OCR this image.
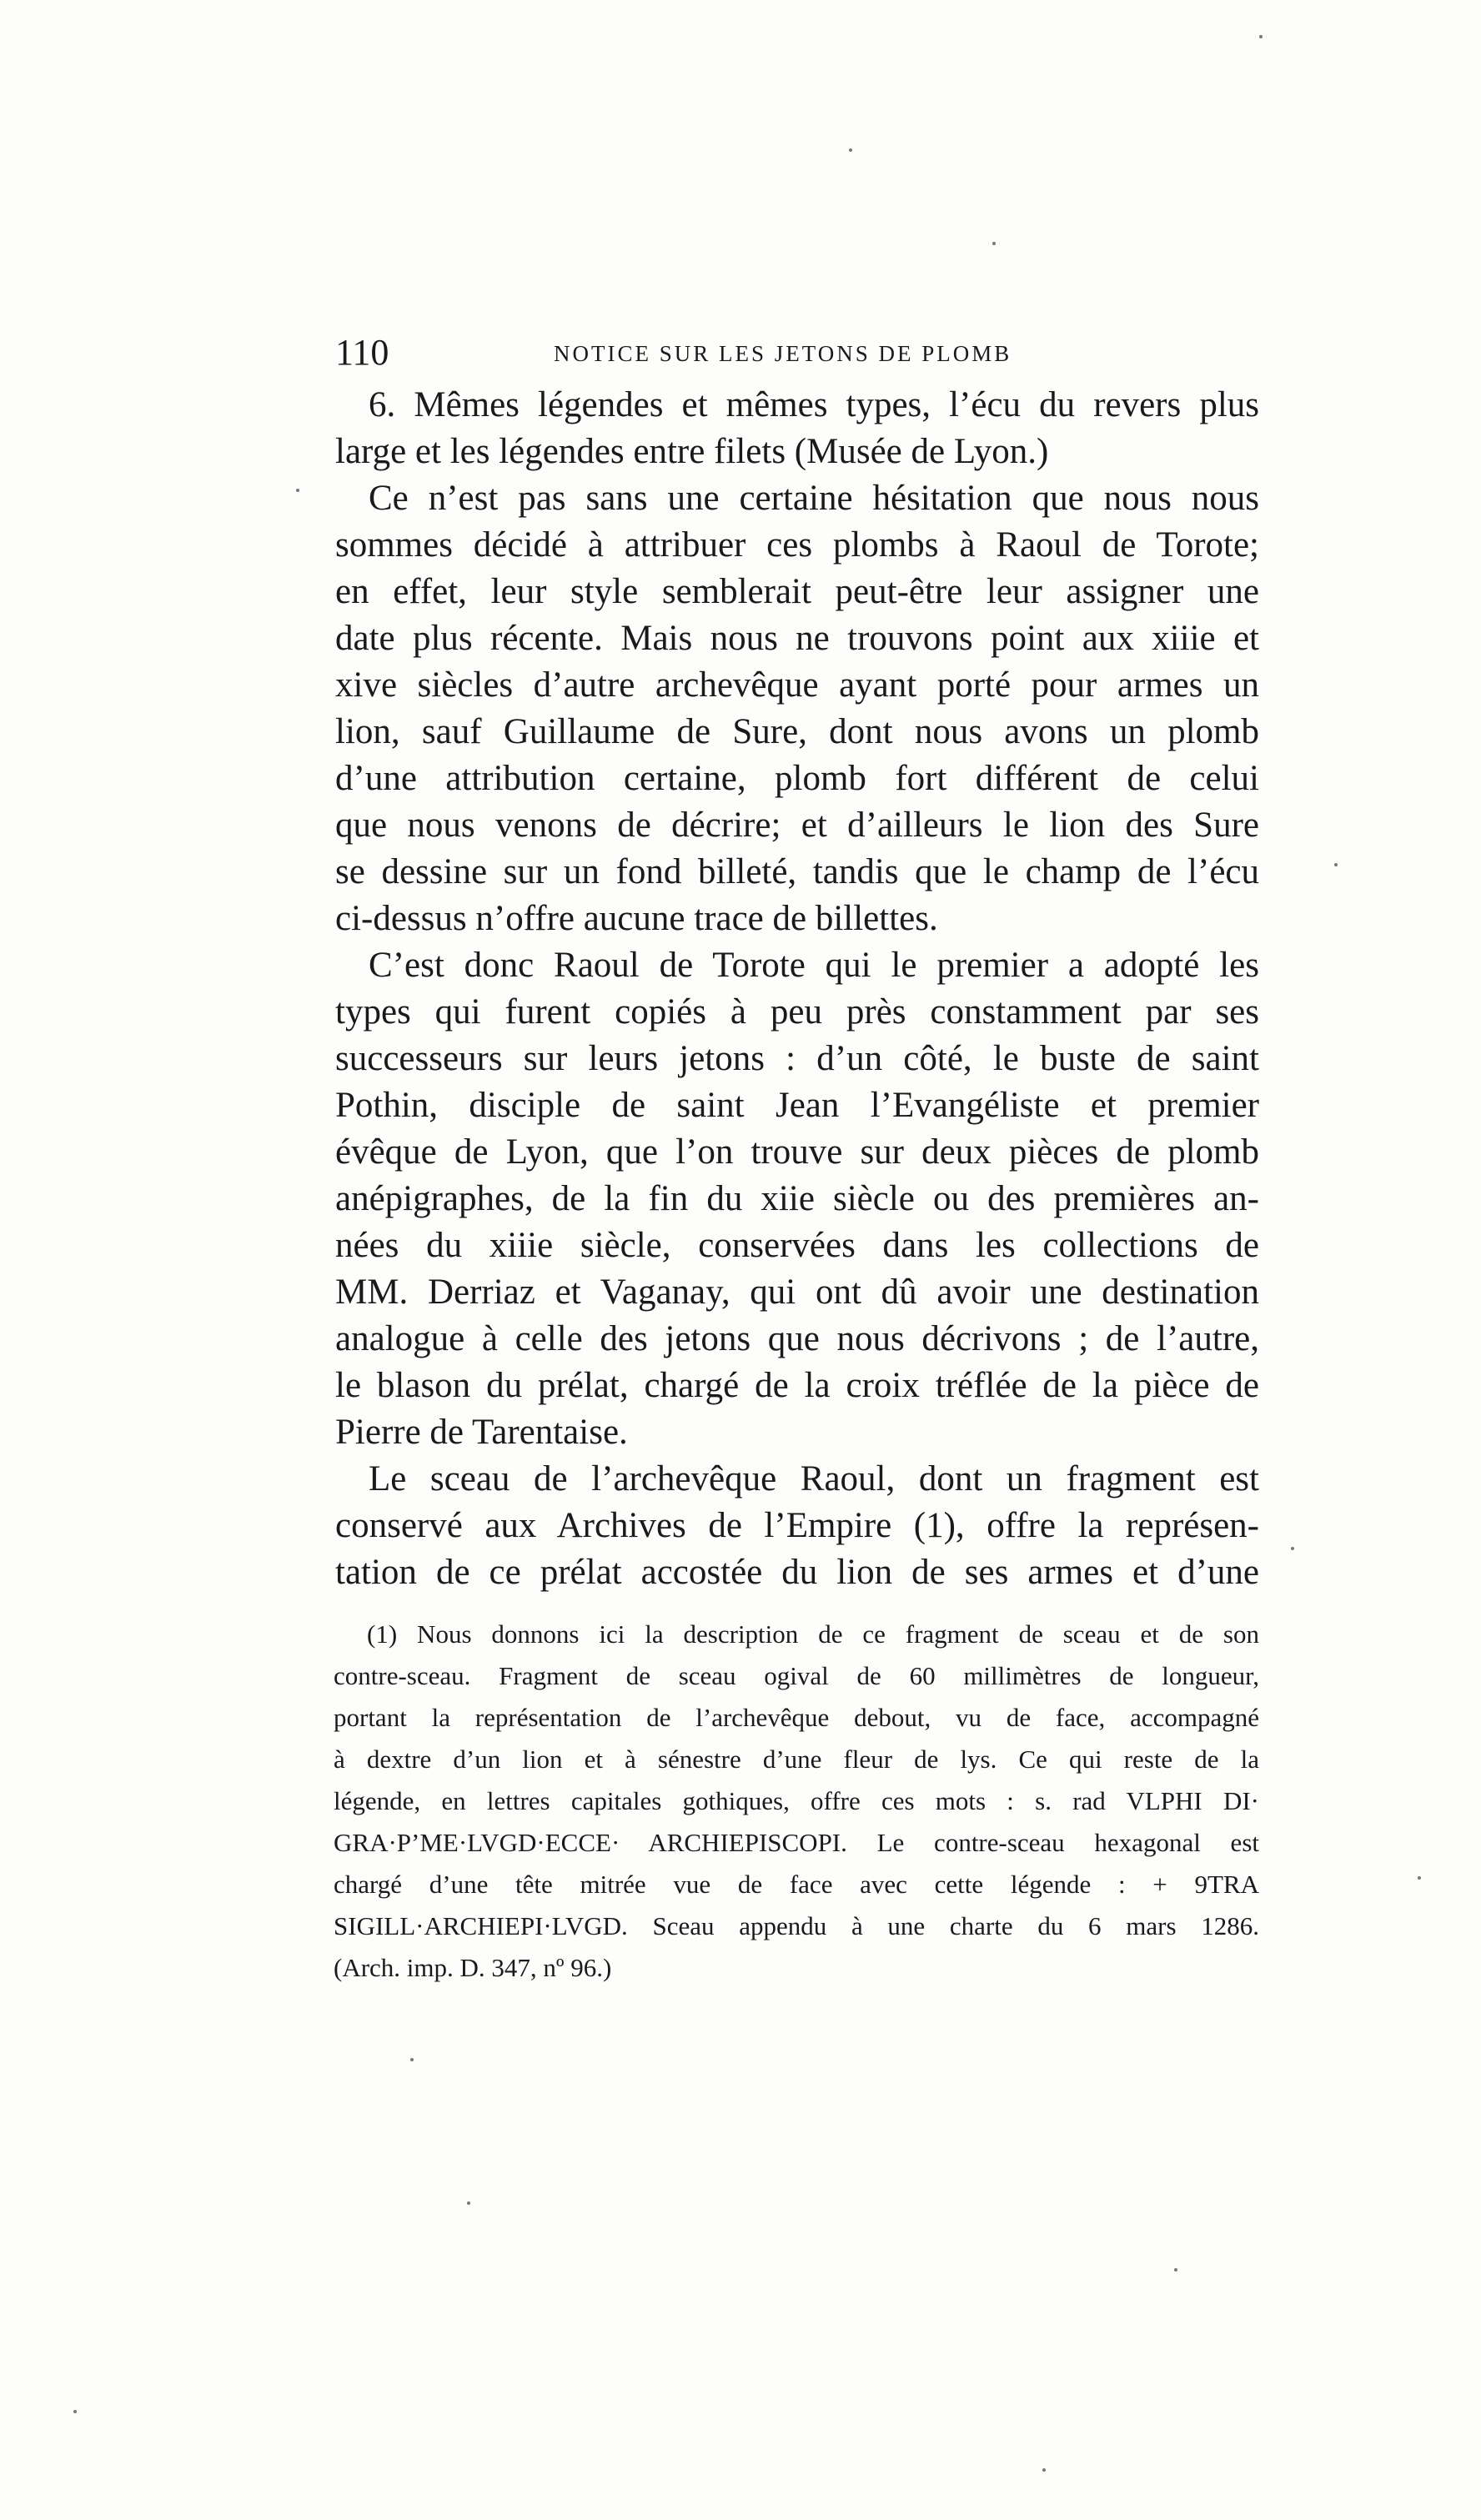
110	NOTICE SUR LES JETONS DE PLOMB
6. Mêmes légendes et mêmes types, l’écu du revers plus
large et les légendes entre filets (Musée de Lyon.)
Ce n’est pas sans une certaine hésitation que nous nous
sommes décidé à attribuer ces plombs à Raoul de Torote;
en effet, leur style semblerait peut-être leur assigner une
date plus récente. Mais nous ne trouvons point aux xiiie et
xive siècles d’autre archevêque ayant porté pour armes un
lion, sauf Guillaume de Sure, dont nous avons un plomb
d’une attribution certaine, plomb fort différent de celui
que nous venons de décrire; et d’ailleurs le lion des Sure
se dessine sur un fond billeté, tandis que le champ de l’écu
ci-dessus n’offre aucune trace de billettes.
C’est donc Raoul de Torote qui le premier a adopté les
types qui furent copiés à peu près constamment par ses
successeurs sur leurs jetons : d’un côté, le buste de saint
Pothin, disciple de saint Jean l’Evangéliste et premier
évêque de Lyon, que l’on trouve sur deux pièces de plomb
anépigraphes, de la fin du xiie siècle ou des premières an-
nées du xiiie siècle, conservées dans les collections de
MM. Derriaz et Vaganay, qui ont dû avoir une destination
analogue à celle des jetons que nous décrivons ; de l’autre,
le blason du prélat, chargé de la croix tréflée de la pièce de
Pierre de Tarentaise.
Le sceau de l’archevêque Raoul, dont un fragment est
conservé aux Archives de l’Empire (1), offre la représen-
tation de ce prélat accostée du lion de ses armes et d’une
(1) Nous donnons ici la description de ce fragment de sceau et de son
contre-sceau. Fragment de sceau ogival de 60 millimètres de longueur,
portant la représentation de l’archevêque debout, vu de face, accompagné
à dextre d’un lion et à sénestre d’une fleur de lys. Ce qui reste de la
légende, en lettres capitales gothiques, offre ces mots : s. rad VLPHI DI·
GRA·P’ME·LVGD·ECCE· ARCHIEPISCOPI. Le contre-sceau hexagonal est
chargé d’une tête mitrée vue de face avec cette légende : + 9TRA
SIGILL·ARCHIEPI·LVGD. Sceau appendu à une charte du 6 mars 1286.
(Arch. imp. D. 347, nº 96.)
